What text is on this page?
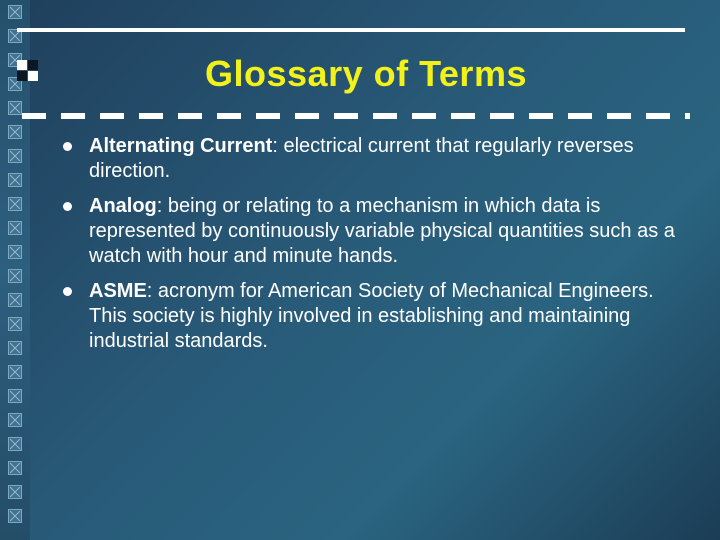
Glossary of Terms
Alternating Current: electrical current that regularly reverses direction.
Analog: being or relating to a mechanism in which data is represented by continuously variable physical quantities such as a watch with hour and minute hands.
ASME: acronym for American Society of Mechanical Engineers. This society is highly involved in establishing and maintaining industrial standards.
